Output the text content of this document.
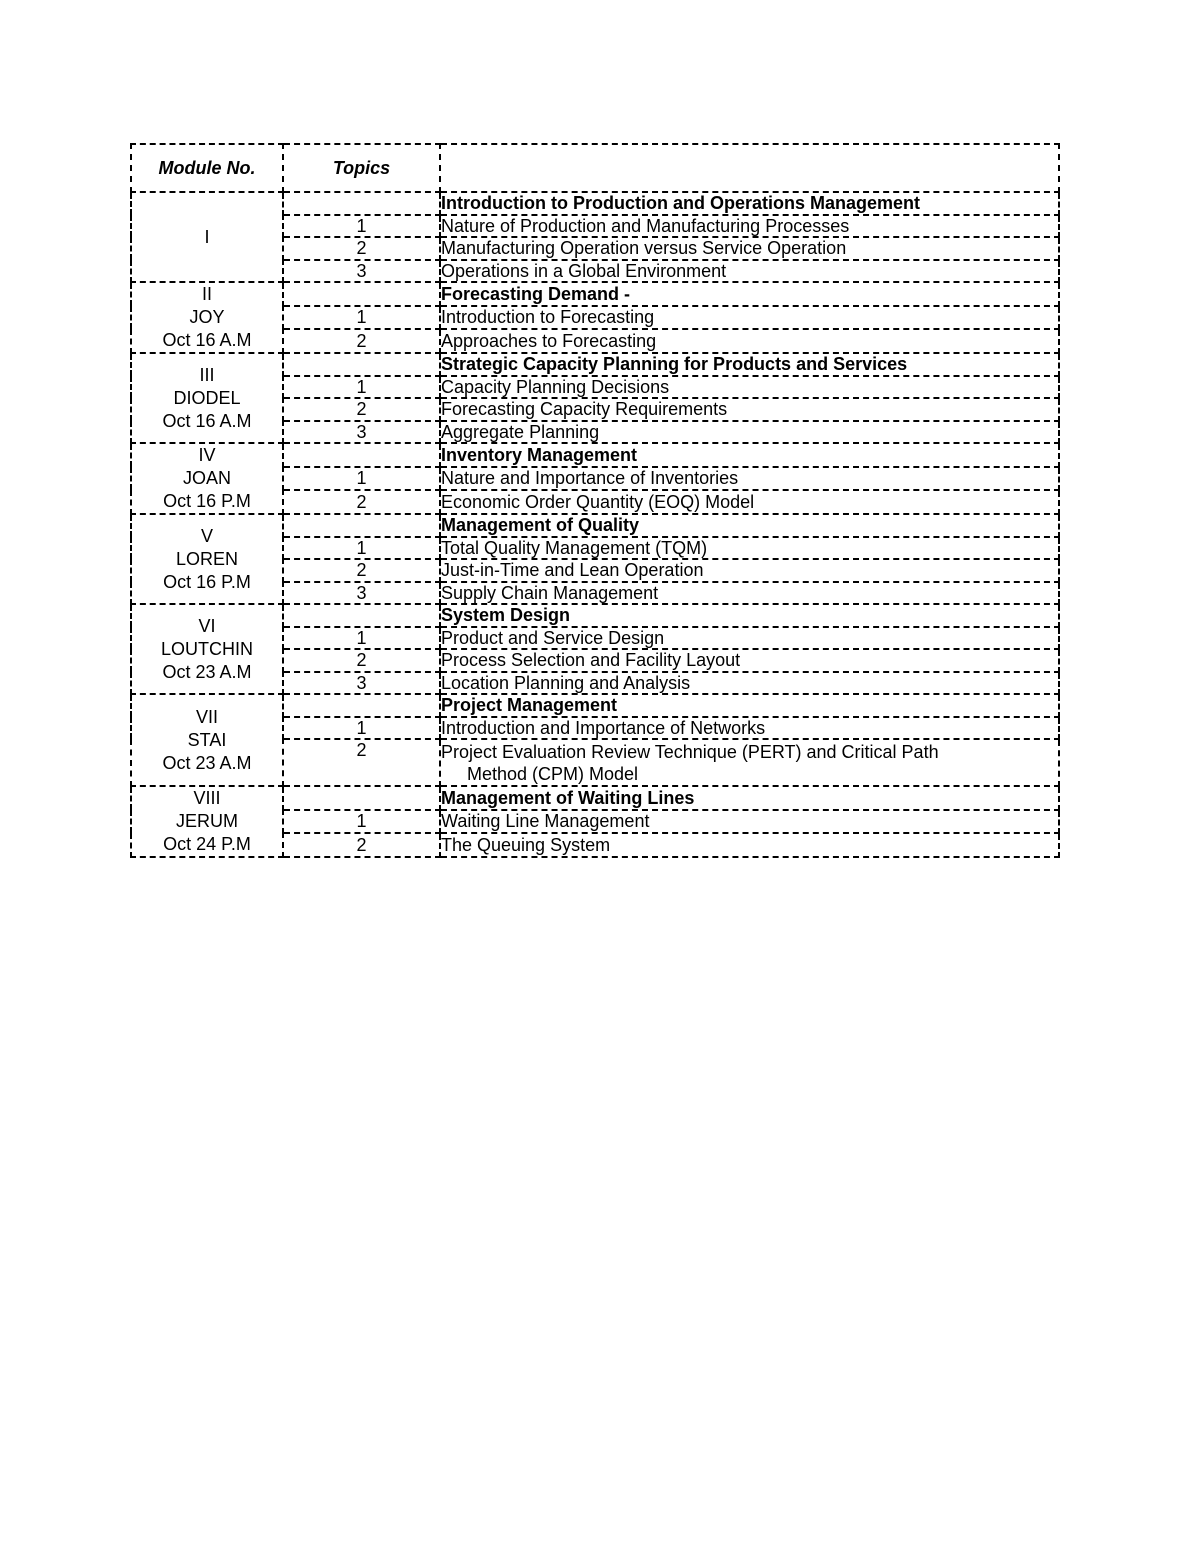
Module No.	Topics	

I		Introduction to Production and Operations Management
	1	Nature of Production and Manufacturing Processes
	2	Manufacturing Operation versus Service Operation
	3	Operations in a Global Environment

II
JOY
Oct 16 A.M		Forecasting Demand -
	1	Introduction to Forecasting
	2	Approaches to Forecasting

III
DIODEL
Oct 16 A.M		Strategic Capacity Planning for Products and Services
	1	Capacity Planning Decisions
	2	Forecasting Capacity Requirements
	3	Aggregate Planning

IV
JOAN
Oct 16 P.M		Inventory Management
	1	Nature and Importance of Inventories
	2	Economic Order Quantity (EOQ) Model

V
LOREN
Oct 16 P.M		Management of Quality
	1	Total Quality Management (TQM)
	2	Just-in-Time and Lean Operation
	3	Supply Chain Management

VI
LOUTCHIN
Oct 23 A.M		System Design
	1	Product and Service Design
	2	Process Selection and Facility Layout
	3	Location Planning and Analysis

VII
STAI
Oct 23 A.M		Project Management
	1	Introduction and Importance of Networks
	2	Project Evaluation Review Technique (PERT) and Critical Path
Method (CPM) Model

VIII
JERUM
Oct 24 P.M		Management of Waiting Lines
	1	Waiting Line Management
	2	The Queuing System
